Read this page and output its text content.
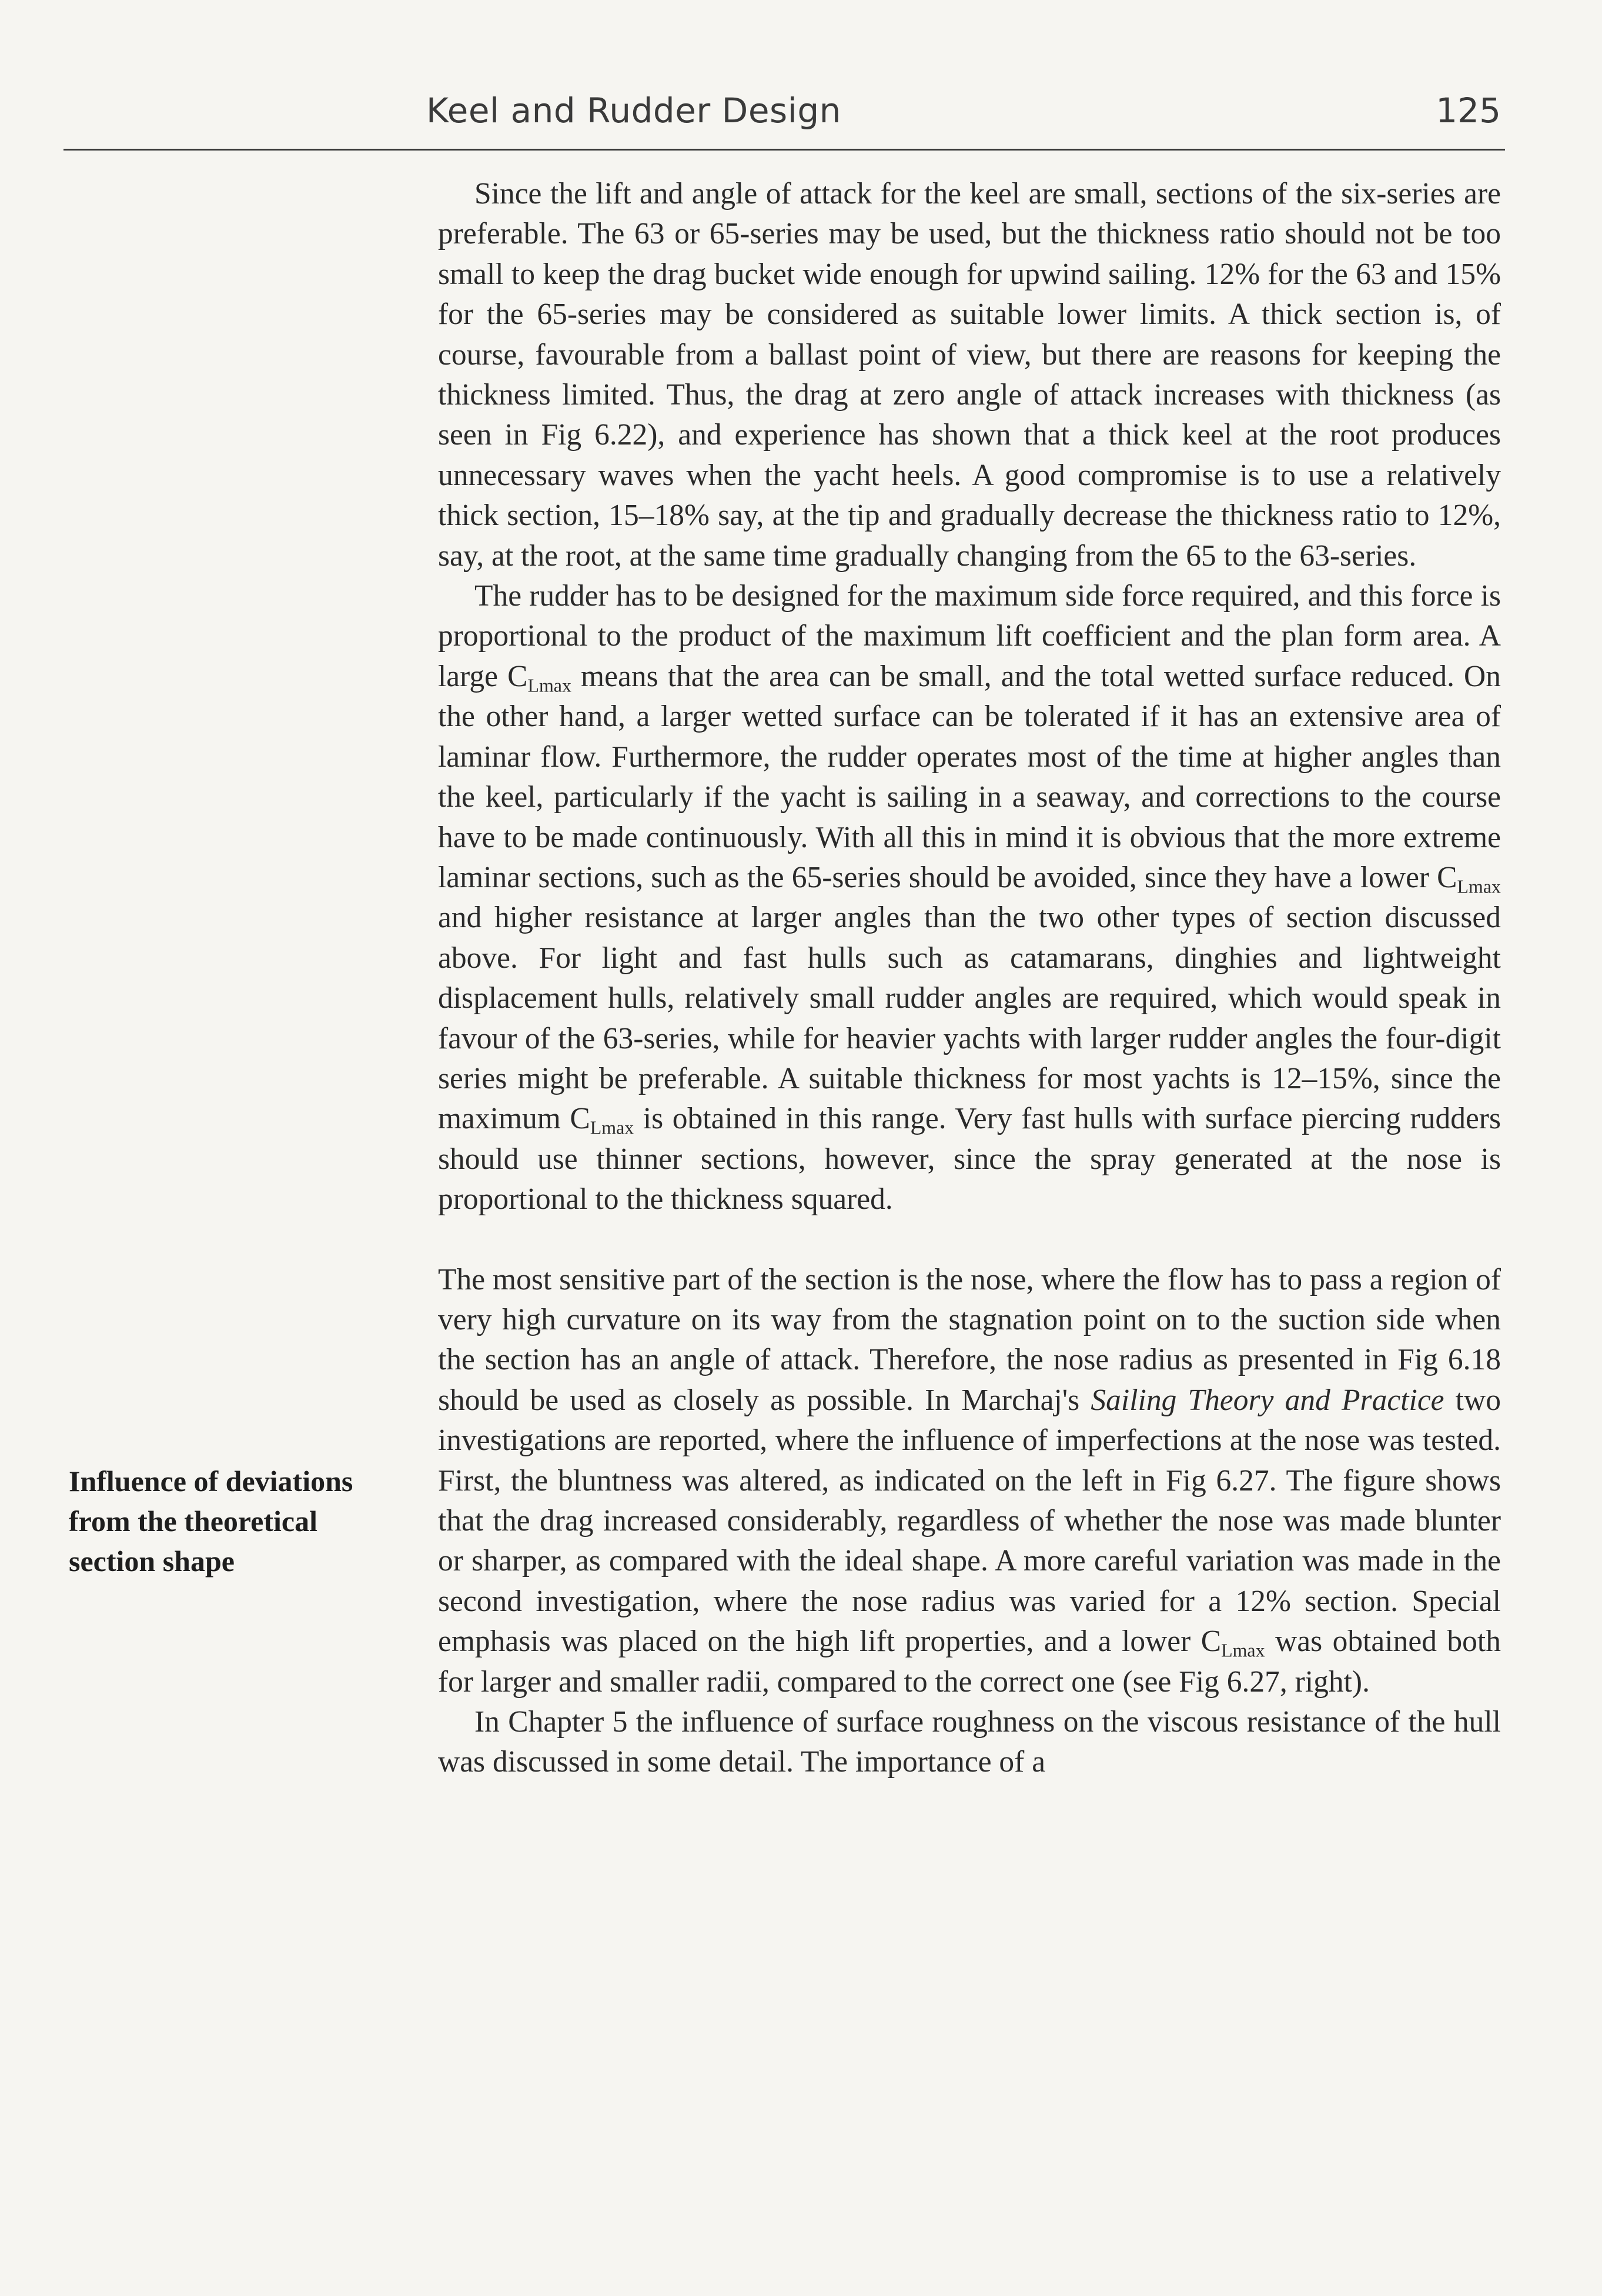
Keel and Rudder Design	125
Influence of deviations from the theoretical section shape

Since the lift and angle of attack for the keel are small, sections of the six-series are preferable. The 63 or 65-series may be used, but the thickness ratio should not be too small to keep the drag bucket wide enough for upwind sailing. 12% for the 63 and 15% for the 65-series may be considered as suitable lower limits. A thick section is, of course, favourable from a ballast point of view, but there are reasons for keeping the thickness limited. Thus, the drag at zero angle of attack increases with thickness (as seen in Fig 6.22), and experience has shown that a thick keel at the root produces unnecessary waves when the yacht heels. A good compromise is to use a relatively thick section, 15–18% say, at the tip and gradually decrease the thickness ratio to 12%, say, at the root, at the same time gradually changing from the 65 to the 63-series.

The rudder has to be designed for the maximum side force required, and this force is proportional to the product of the maximum lift coefficient and the plan form area. A large $C_{Lmax}$ means that the area can be small, and the total wetted surface reduced. On the other hand, a larger wetted surface can be tolerated if it has an extensive area of laminar flow. Furthermore, the rudder operates most of the time at higher angles than the keel, particularly if the yacht is sailing in a seaway, and corrections to the course have to be made continuously. With all this in mind it is obvious that the more extreme laminar sections, such as the 65-series should be avoided, since they have a lower $C_{Lmax}$ and higher resistance at larger angles than the two other types of section discussed above. For light and fast hulls such as catamarans, dinghies and lightweight displacement hulls, relatively small rudder angles are required, which would speak in favour of the 63-series, while for heavier yachts with larger rudder angles the four-digit series might be preferable. A suitable thickness for most yachts is 12–15%, since the maximum $C_{Lmax}$ is obtained in this range. Very fast hulls with surface piercing rudders should use thinner sections, however, since the spray generated at the nose is proportional to the thickness squared.

The most sensitive part of the section is the nose, where the flow has to pass a region of very high curvature on its way from the stagnation point on to the suction side when the section has an angle of attack. Therefore, the nose radius as presented in Fig 6.18 should be used as closely as possible. In Marchaj's Sailing Theory and Practice two investigations are reported, where the influence of imperfections at the nose was tested. First, the bluntness was altered, as indicated on the left in Fig 6.27. The figure shows that the drag increased considerably, regardless of whether the nose was made blunter or sharper, as compared with the ideal shape. A more careful variation was made in the second investigation, where the nose radius was varied for a 12% section. Special emphasis was placed on the high lift properties, and a lower $C_{Lmax}$ was obtained both for larger and smaller radii, compared to the correct one (see Fig 6.27, right).

In Chapter 5 the influence of surface roughness on the viscous resistance of the hull was discussed in some detail. The importance of a
